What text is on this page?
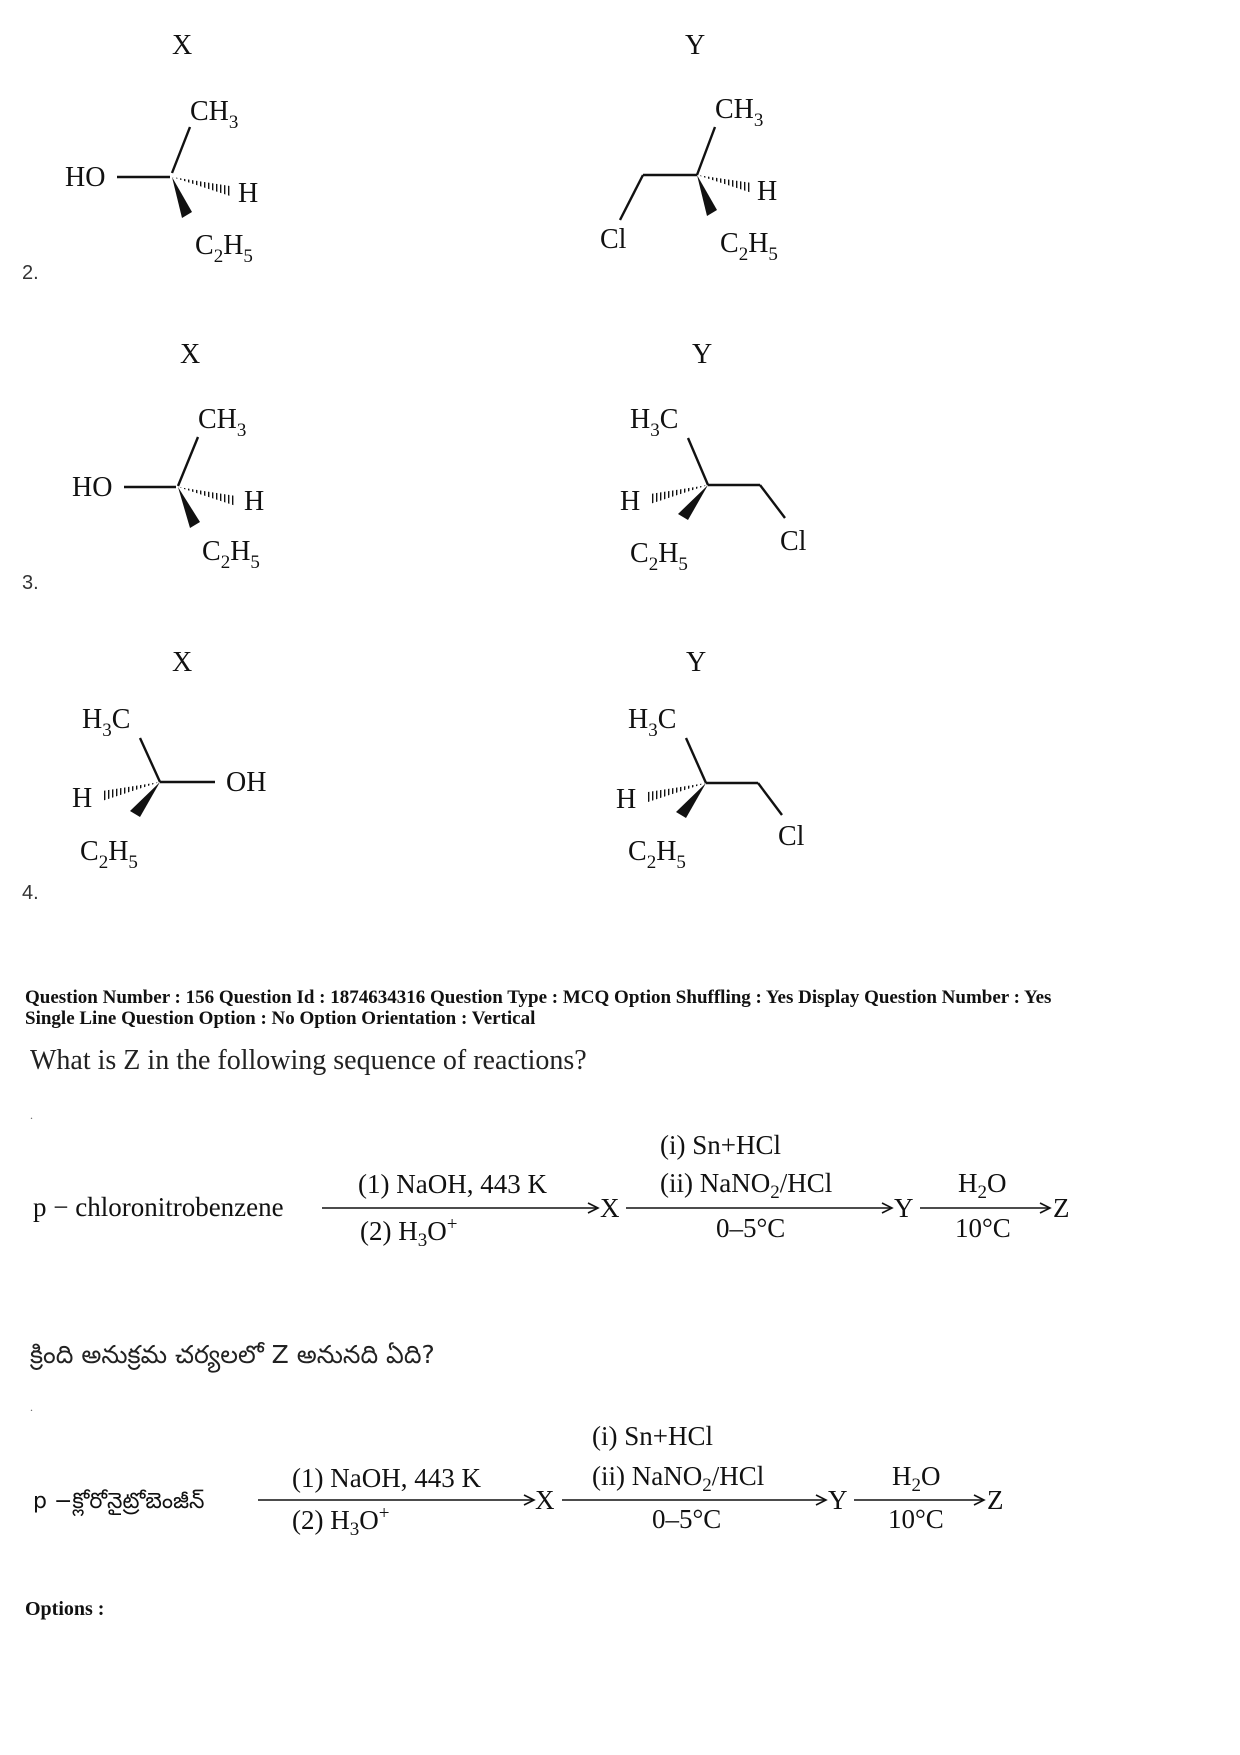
X
$CH_3$
HO
H
$C_2H_5$
Y
$CH_3$
Cl
H
$C_2H_5$
2.
X
$CH_3$
HO	H
$C_2H_5$
Y
$H_3C$
H
Cl
$C_2H_5$
3.
X
$H_3C$
OH
H
$C_2H_5$
Y
$H_3C$
H
Cl
$C_2H_5$
4.
Question Number : 156 Question Id : 1874634316 Question Type : MCQ Option Shuffling : Yes Display Question Number : Yes
Single Line Question Option : No Option Orientation : Vertical
What is Z in the following sequence of reactions?
.
p − chloronitrobenzene
(1) NaOH, 443 K
(2) $H_3O^+$
X
(i) Sn+HCl
(ii) NaNO$_2$/HCl
0–5°C
Y
$H_2O$
10°C
Z
క్రింది అనుక్రమ చర్యలలో Z అనునది ఏది?
.
p −క్లోరోనైట్రోబెంజీన్
(1) NaOH, 443 K
(2) $H_3O^+$	X
(i) Sn+HCl
(ii) NaNO$_2$/HCl
0–5°C
Y
$H_2O$
10°C
Z
Options :
